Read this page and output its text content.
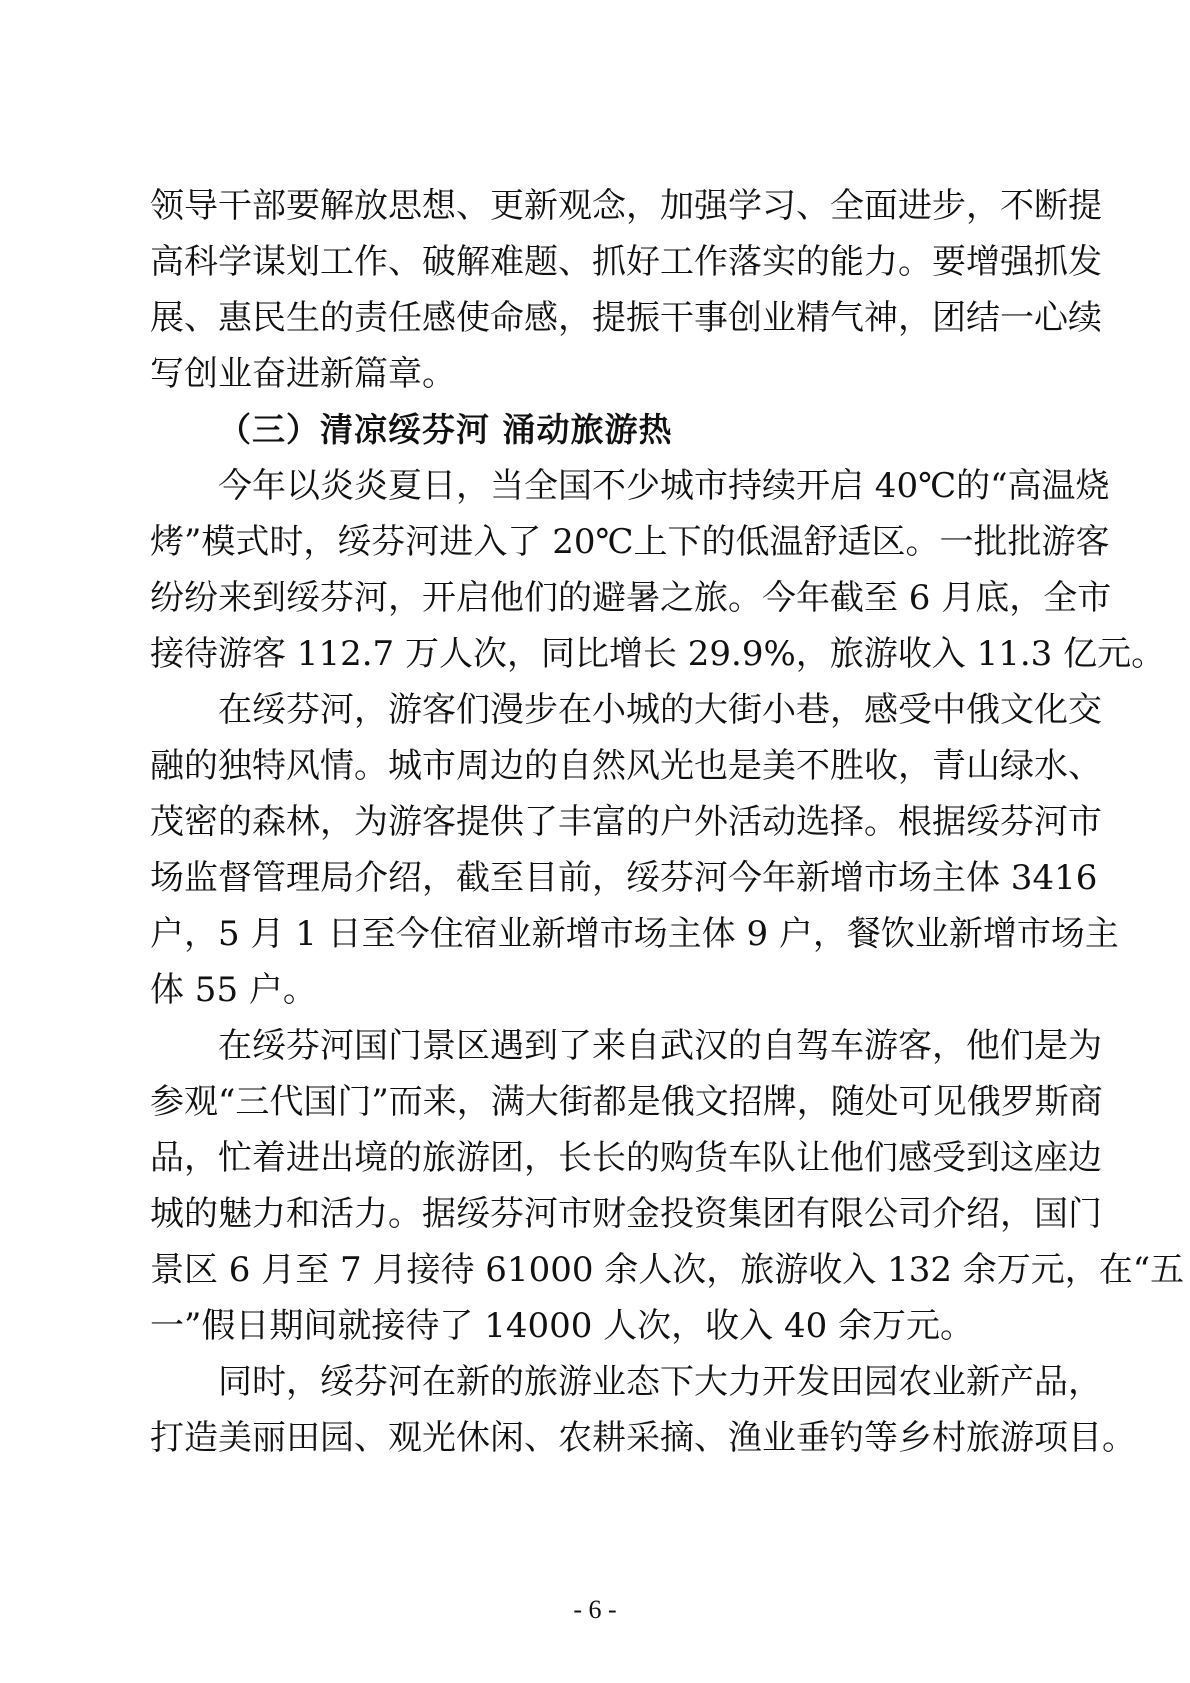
领导干部要解放思想、更新观念，加强学习、全面进步，不断提
高科学谋划工作、破解难题、抓好工作落实的能力。要增强抓发
展、惠民生的责任感使命感，提振干事创业精气神，团结一心续
写创业奋进新篇章。
（三）清凉绥芬河 涌动旅游热
今年以炎炎夏日，当全国不少城市持续开启 40℃的“高温烧
烤”模式时，绥芬河进入了 20℃上下的低温舒适区。一批批游客
纷纷来到绥芬河，开启他们的避暑之旅。今年截至 6 月底，全市
接待游客 112.7 万人次，同比增长 29.9%，旅游收入 11.3 亿元。
在绥芬河，游客们漫步在小城的大街小巷，感受中俄文化交
融的独特风情。城市周边的自然风光也是美不胜收，青山绿水、
茂密的森林，为游客提供了丰富的户外活动选择。根据绥芬河市
场监督管理局介绍，截至目前，绥芬河今年新增市场主体 3416
户，5 月 1 日至今住宿业新增市场主体 9 户，餐饮业新增市场主
体 55 户。
在绥芬河国门景区遇到了来自武汉的自驾车游客，他们是为
参观“三代国门”而来，满大街都是俄文招牌，随处可见俄罗斯商
品，忙着进出境的旅游团，长长的购货车队让他们感受到这座边
城的魅力和活力。据绥芬河市财金投资集团有限公司介绍，国门
景区 6 月至 7 月接待 61000 余人次，旅游收入 132 余万元，在“五
一”假日期间就接待了 14000 人次，收入 40 余万元。
同时，绥芬河在新的旅游业态下大力开发田园农业新产品，
打造美丽田园、观光休闲、农耕采摘、渔业垂钓等乡村旅游项目。
- 6 -
